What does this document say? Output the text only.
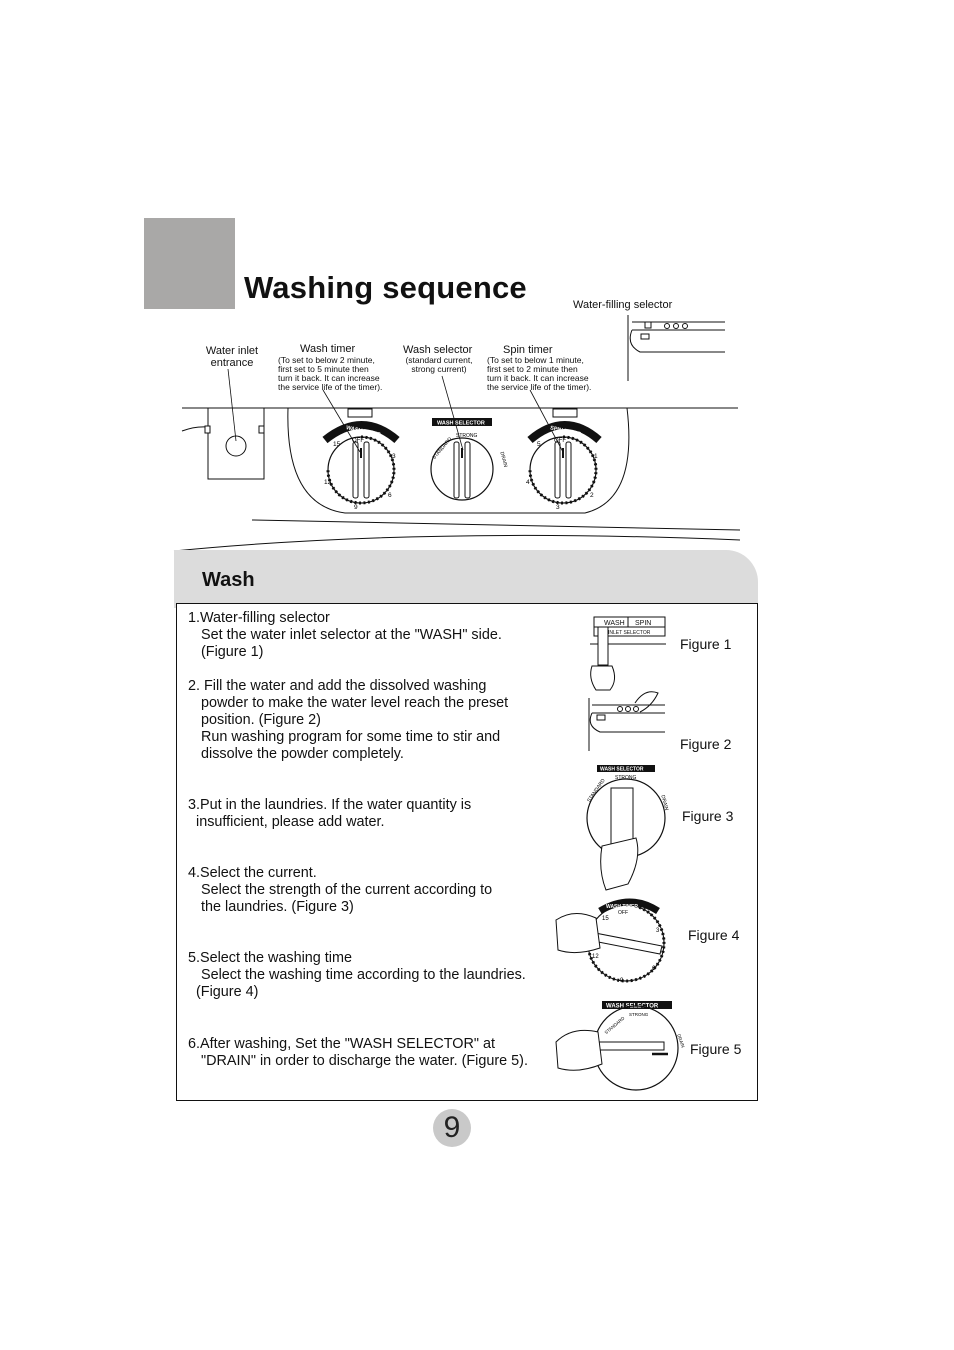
Washing sequence	Water-filling selector
Water inlet
entrance
Wash timer
(To set to below 2 minute,
first set to 5 minute then
turn it back. It can increase
the service life of the timer).
Wash selector
(standard current,
strong current)
Spin timer
(To set to below 1 minute,
first set to 2 minute then
turn it back. It can increase
the service life of the timer).
WASH TIMER
OFF
15
3
6
9
12
WASH SELECTOR
STANDARD
STRONG
DRAIN
SPIN TIMER
OFF
5
1
2
3
4
Wash
1.Water-filling selector
Set the water inlet selector at the "WASH" side.
(Figure 1)
2. Fill the water and add the dissolved washing
powder to make the water level reach the preset
position. (Figure 2)
Run washing program for some time to stir and
dissolve the powder completely.
3.Put in the laundries. If the water quantity is
insufficient, please add water.
4.Select the current.
Select the strength of the current according to
the laundries. (Figure 3)
5.Select the washing time
Select the washing time according to the laundries.
(Figure 4)
6.After washing, Set the "WASH SELECTOR" at
"DRAIN" in order to discharge the water. (Figure 5).
Figure 1
Figure 2
Figure 3
Figure 4
Figure 5
WASH SPIN
INLET SELECTOR
WASH SELECTOR
STANDARD STRONG
DRAIN
WASH TIMER
OFF
15
3
6
9
12
WASH SELECTOR
STANDARD
STRONG
DRAIN
9
